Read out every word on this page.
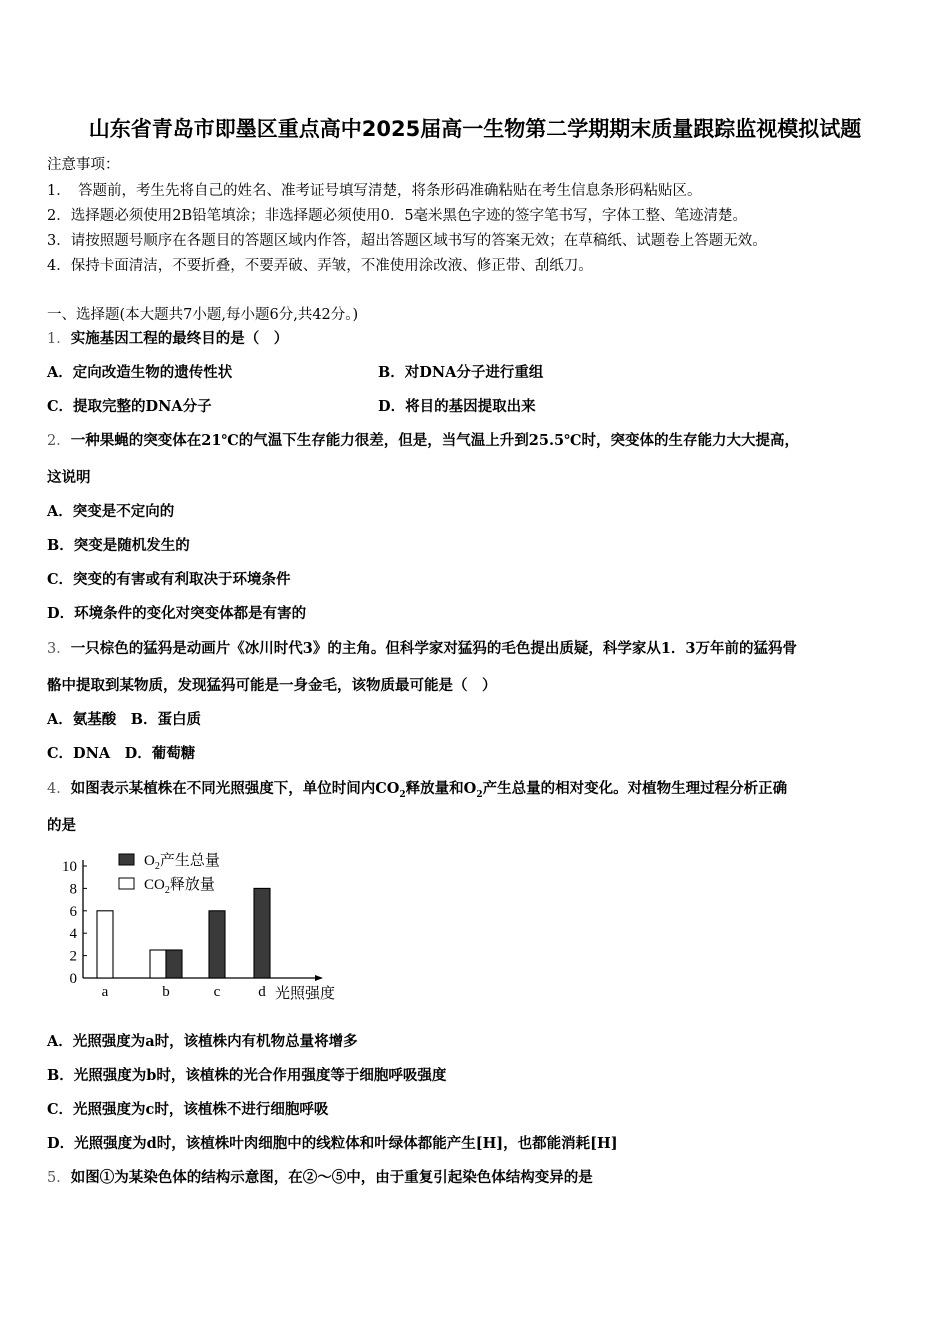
山东省青岛市即墨区重点高中2025届高一生物第二学期期末质量跟踪监视模拟试题
注意事项：
1．　答题前，考生先将自己的姓名、准考证号填写清楚，将条形码准确粘贴在考生信息条形码粘贴区。
2．选择题必须使用2B铅笔填涂；非选择题必须使用0．5毫米黑色字迹的签字笔书写，字体工整、笔迹清楚。
3．请按照题号顺序在各题目的答题区域内作答，超出答题区域书写的答案无效；在草稿纸、试题卷上答题无效。
4．保持卡面清洁，不要折叠，不要弄破、弄皱，不准使用涂改液、修正带、刮纸刀。
一、选择题(本大题共7小题,每小题6分,共42分。)
1．实施基因工程的最终目的是（　）
A．定向改造生物的遗传性状	B．对DNA分子进行重组
C．提取完整的DNA分子	D．将目的基因提取出来
2．一种果蝇的突变体在21℃的气温下生存能力很差，但是，当气温上升到25.5℃时，突变体的生存能力大大提高，
这说明
A．突变是不定向的
B．突变是随机发生的
C．突变的有害或有利取决于环境条件
D．环境条件的变化对突变体都是有害的
3．一只棕色的猛犸是动画片《冰川时代3》的主角。但科学家对猛犸的毛色提出质疑，科学家从1．3万年前的猛犸骨
骼中提取到某物质，发现猛犸可能是一身金毛，该物质最可能是（　）
A．氨基酸　B．蛋白质
C．DNA　D．葡萄糖
4．如图表示某植株在不同光照强度下，单位时间内$CO_2$释放量和$O_2$产生总量的相对变化。对植物生理过程分析正确
的是
0
2
4
6
8
10
a	b	c	d 光照强度
$O_2$产生总量
$CO_2$释放量
A．光照强度为a时，该植株内有机物总量将增多
B．光照强度为b时，该植株的光合作用强度等于细胞呼吸强度
C．光照强度为c时，该植株不进行细胞呼吸
D．光照强度为d时，该植株叶肉细胞中的线粒体和叶绿体都能产生[H]，也都能消耗[H]
5．如图①为某染色体的结构示意图，在②～⑤中，由于重复引起染色体结构变异的是
